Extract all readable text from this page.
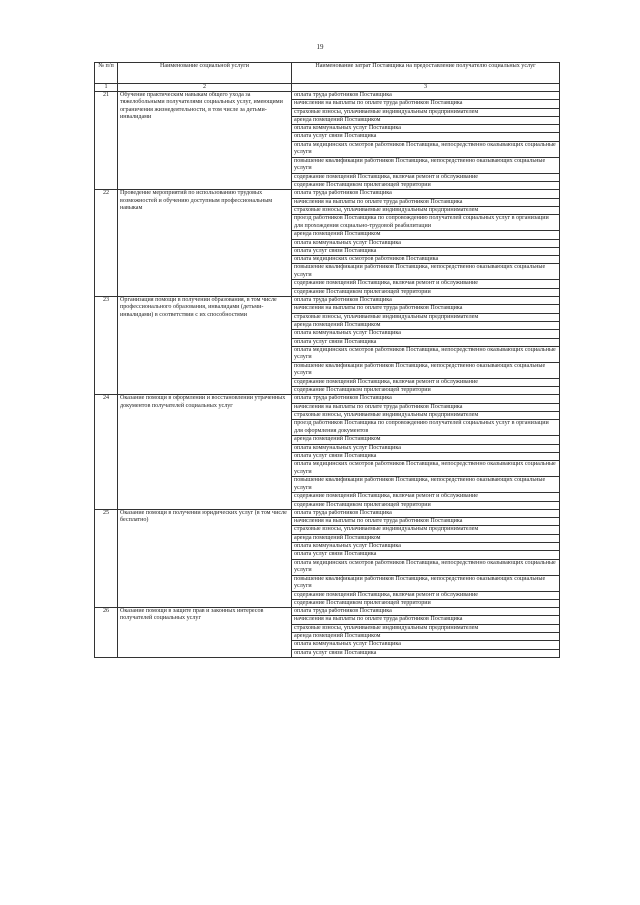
19
№ п/п	Наименование социальной услуги	Наименование затрат Поставщика на предоставление получателю социальных услуг
1	2	3
21	Обучение практическим навыкам общего ухода за тяжелобольными получателями социальных услуг, имеющими ограничения жизнедеятельности, в том числе за детьми-инвалидами	оплата труда работников Поставщика
		начисления на выплаты по оплате труда работников Поставщика
		страховые взносы, уплачиваемые индивидуальным предпринимателем
		аренда помещений Поставщиком
		оплата коммунальных услуг Поставщика
		оплата услуг связи Поставщика
		оплата медицинских осмотров работников Поставщика, непосредственно оказывающих социальные услуги
		повышение квалификации работников Поставщика, непосредственно оказывающих социальные услуги
		содержание помещений Поставщика, включая ремонт и обслуживание
		содержание Поставщиком прилегающей территории
22	Проведение мероприятий по использованию трудовых возможностей и обучению доступным профессиональным навыкам	оплата труда работников Поставщика
		начисления на выплаты по оплате труда работников Поставщика
		страховые взносы, уплачиваемые индивидуальным предпринимателем
		проезд работников Поставщика по сопровождению получателей социальных услуг в организации для прохождения социально-трудовой реабилитации
		аренда помещений Поставщиком
		оплата коммунальных услуг Поставщика
		оплата услуг связи Поставщика
		оплата медицинских осмотров работников Поставщика
		повышение квалификации работников Поставщика, непосредственно оказывающих социальные услуги
		содержание помещений Поставщика, включая ремонт и обслуживание
		содержание Поставщиком прилегающей территории
23	Организация помощи в получении образования, в том числе профессионального образования, инвалидами (детьми-инвалидами) в соответствии с их способностями	оплата труда работников Поставщика
		начисления на выплаты по оплате труда работников Поставщика
		страховые взносы, уплачиваемые индивидуальным предпринимателем
		аренда помещений Поставщиком
		оплата коммунальных услуг Поставщика
		оплата услуг связи Поставщика
		оплата медицинских осмотров работников Поставщика, непосредственно оказывающих социальные услуги
		повышение квалификации работников Поставщика, непосредственно оказывающих социальные услуги
		содержание помещений Поставщика, включая ремонт и обслуживание
		содержание Поставщиком прилегающей территории
24	Оказание помощи в оформлении и восстановлении утраченных документов получателей социальных услуг	оплата труда работников Поставщика
		начисления на выплаты по оплате труда работников Поставщика
		страховые взносы, уплачиваемые индивидуальным предпринимателем
		проезд работников Поставщика по сопровождению получателей социальных услуг в организации для оформления документов
		аренда помещений Поставщиком
		оплата коммунальных услуг Поставщика
		оплата услуг связи Поставщика
		оплата медицинских осмотров работников Поставщика, непосредственно оказывающих социальные услуги
		повышение квалификации работников Поставщика, непосредственно оказывающих социальные услуги
		содержание помещений Поставщика, включая ремонт и обслуживание
		содержание Поставщиком прилегающей территории
25	Оказание помощи в получении юридических услуг (в том числе бесплатно)	оплата труда работников Поставщика
		начисления на выплаты по оплате труда работников Поставщика
		страховые взносы, уплачиваемые индивидуальным предпринимателем
		аренда помещений Поставщиком
		оплата коммунальных услуг Поставщика
		оплата услуг связи Поставщика
		оплата медицинских осмотров работников Поставщика, непосредственно оказывающих социальные услуги
		повышение квалификации работников Поставщика, непосредственно оказывающих социальные услуги
		содержание помещений Поставщика, включая ремонт и обслуживание
		содержание Поставщиком прилегающей территории
26	Оказание помощи в защите прав и законных интересов получателей социальных услуг	оплата труда работников Поставщика
		начисления на выплаты по оплате труда работников Поставщика
		страховые взносы, уплачиваемые индивидуальным предпринимателем
		аренда помещений Поставщиком
		оплата коммунальных услуг Поставщика
		оплата услуг связи Поставщика
